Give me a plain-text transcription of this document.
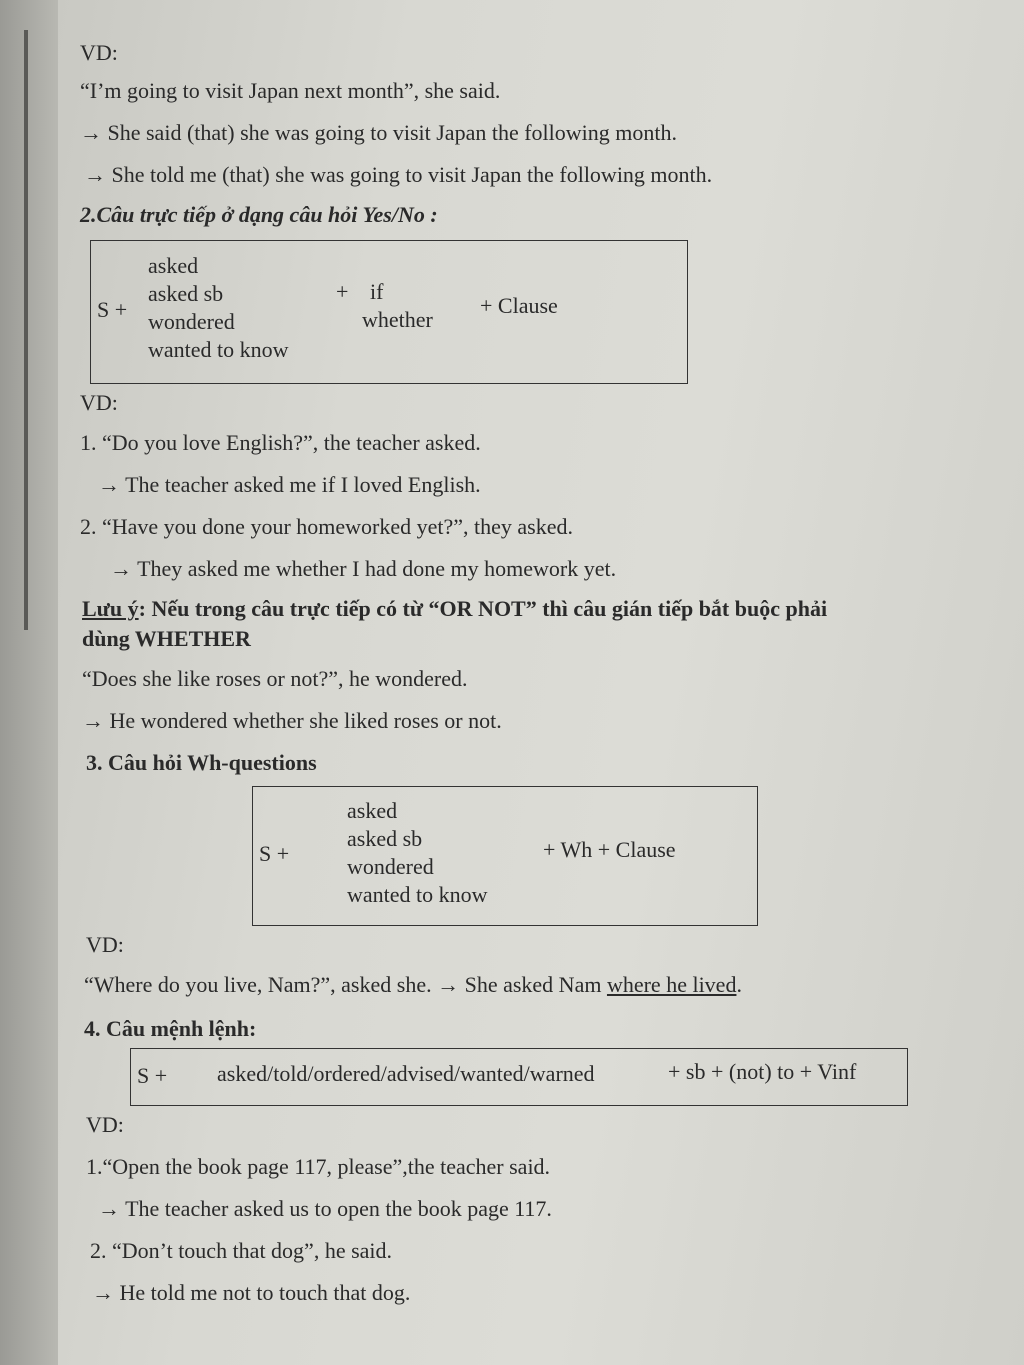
VD:
“I’m going to visit Japan next month”, she said.
→ She said (that) she was going to visit Japan the following month.
→ She told me (that) she was going to visit Japan the following month.
2.Câu trực tiếp ở dạng câu hỏi Yes/No :
S +
asked
asked sb
wondered
wanted to know
+ if
whether
+ Clause
VD:
1. “Do you love English?”, the teacher asked.
→ The teacher asked me if I loved English.
2. “Have you done your homeworked yet?”, they asked.
→ They asked me whether I had done my homework yet.
Lưu ý: Nếu trong câu trực tiếp có từ “OR NOT” thì câu gián tiếp bắt buộc phải
dùng WHETHER
“Does she like roses or not?”, he wondered.
→ He wondered whether she liked roses or not.
3. Câu hỏi Wh-questions
S +
asked
asked sb
wondered
wanted to know
+ Wh + Clause
VD:
“Where do you live, Nam?”, asked she. → She asked Nam where he lived.
4. Câu mệnh lệnh:
S + asked/told/ordered/advised/wanted/warned	+ sb + (not) to + Vinf
VD:
1.“Open the book page 117, please”,the teacher said.
→ The teacher asked us to open the book page 117.
2. “Don’t touch that dog”, he said.
→ He told me not to touch that dog.
